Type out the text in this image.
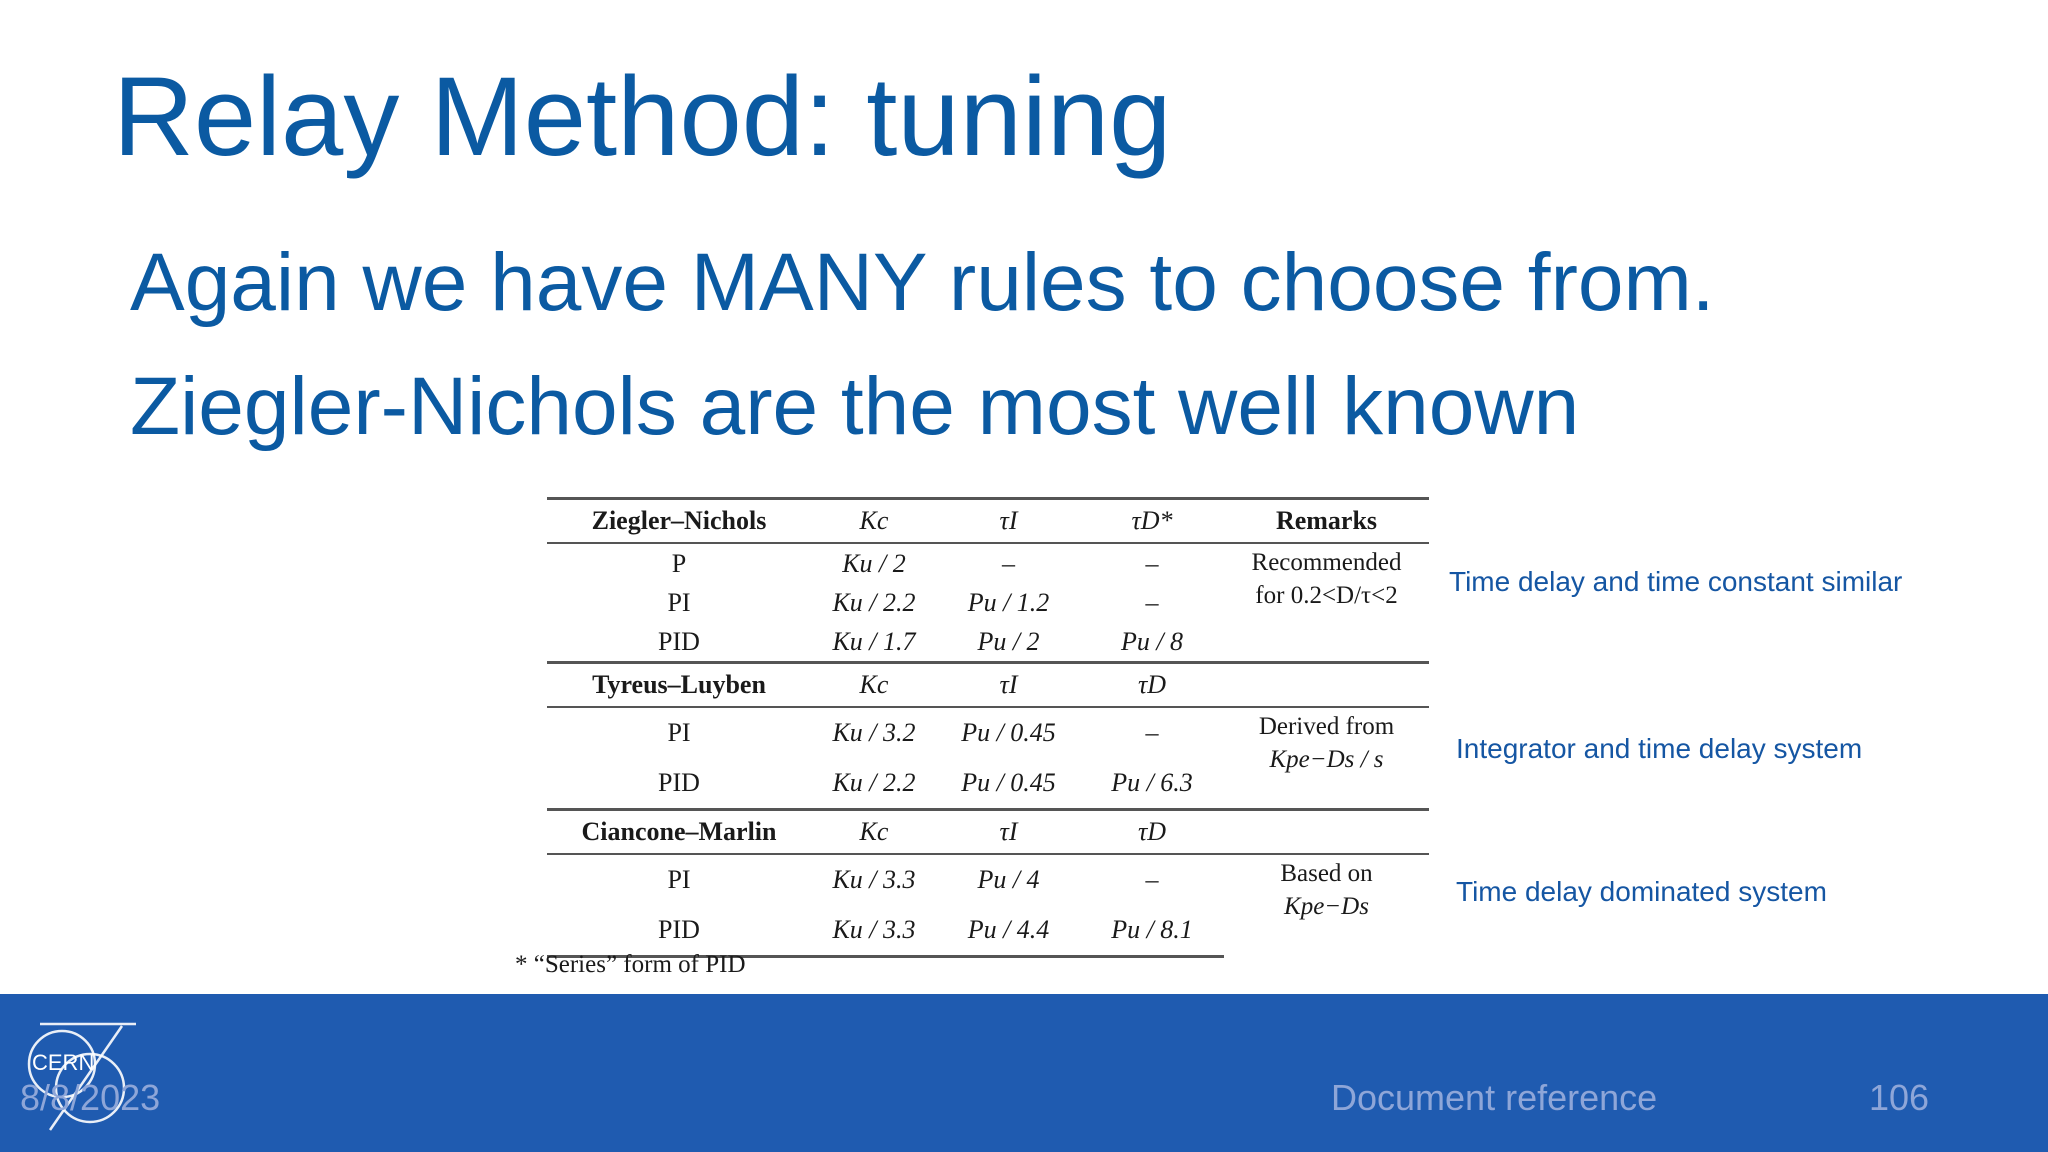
Relay Method: tuning

Again we have MANY rules to choose from.

Ziegler-Nichols are the most well known

Ziegler–Nichols	Kc	τI	τD*	Remarks
P	Ku / 2	–	–	Recommended
for 0.2<D/τ<2

PI	Ku / 2.2	Pu / 1.2	–	
PID	Ku / 1.7	Pu / 2	Pu / 8	
Tyreus–Luyben	Kc	τI	τD	
PI	Ku / 3.2	Pu / 0.45	–	Derived from
Kpe−Ds / s

PID	Ku / 2.2	Pu / 0.45	Pu / 6.3	
Ciancone–Marlin	Kc	τI	τD	
PI	Ku / 3.3	Pu / 4	–	Based on
Kpe−Ds

PID	Ku / 3.3	Pu / 4.4	Pu / 8.1	
* “Series” form of PID
Time delay and time constant similar
Integrator and time delay system
Time delay dominated system
CERN
8/8/2023	Document reference	106
